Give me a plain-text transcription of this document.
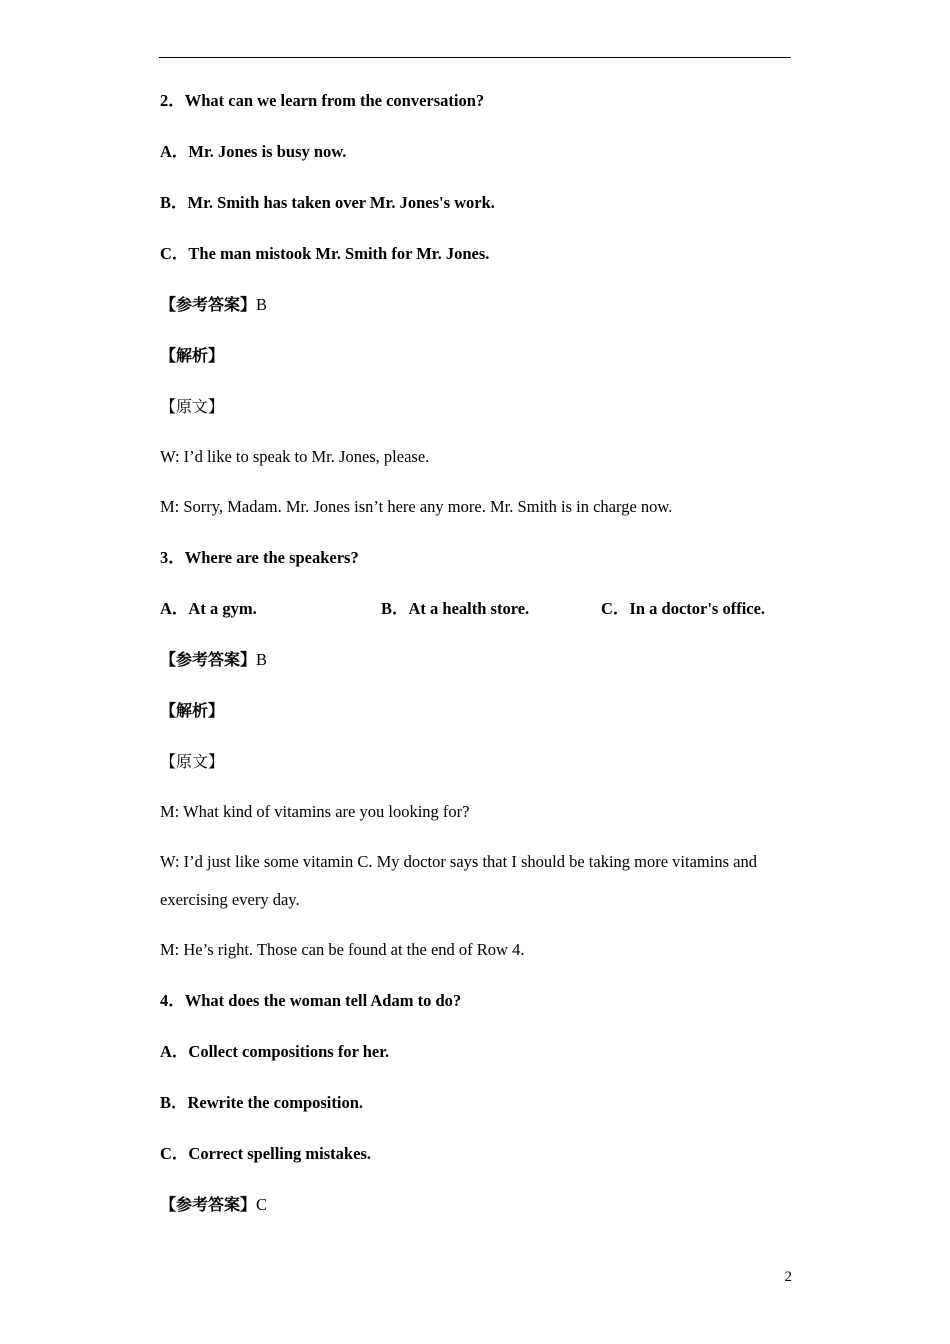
2．What can we learn from the conversation?
A．Mr. Jones is busy now.
B．Mr. Smith has taken over Mr. Jones's work.
C．The man mistook Mr. Smith for Mr. Jones.
【参考答案】B
【解析】
【原文】
W: I’d like to speak to Mr. Jones, please.
M: Sorry, Madam. Mr. Jones isn’t here any more. Mr. Smith is in charge now.
3．Where are the speakers?
A．At a gym.	B．At a health store.	C．In a doctor's office.
【参考答案】B
【解析】
【原文】
M: What kind of vitamins are you looking for?
W: I’d just like some vitamin C. My doctor says that I should be taking more vitamins and
exercising every day.
M: He’s right. Those can be found at the end of Row 4.
4．What does the woman tell Adam to do?
A．Collect compositions for her.
B．Rewrite the composition.
C．Correct spelling mistakes.
【参考答案】C
2
